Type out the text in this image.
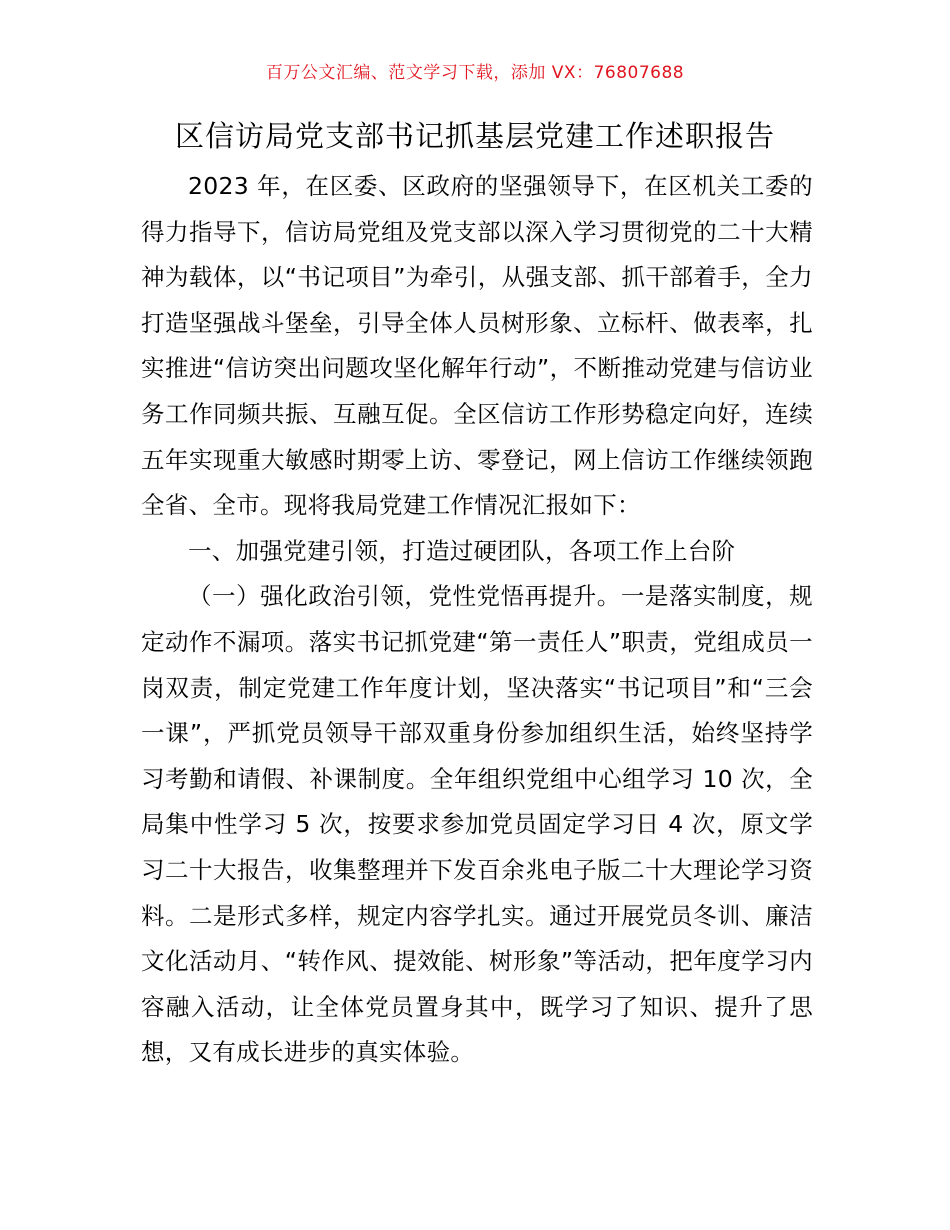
百万公文汇编、范文学习下载，添加 VX：76807688
区信访局党支部书记抓基层党建工作述职报告

2023 年，在区委、区政府的坚强领导下，在区机关工委的得力指导下，信访局党组及党支部以深入学习贯彻党的二十大精神为载体，以“书记项目”为牵引，从强支部、抓干部着手，全力打造坚强战斗堡垒，引导全体人员树形象、立标杆、做表率，扎实推进“信访突出问题攻坚化解年行动”，不断推动党建与信访业务工作同频共振、互融互促。全区信访工作形势稳定向好，连续五年实现重大敏感时期零上访、零登记，网上信访工作继续领跑全省、全市。现将我局党建工作情况汇报如下：

一、加强党建引领，打造过硬团队，各项工作上台阶

（一）强化政治引领，党性党悟再提升。一是落实制度，规定动作不漏项。落实书记抓党建“第一责任人”职责，党组成员一岗双责，制定党建工作年度计划，坚决落实“书记项目”和“三会一课”，严抓党员领导干部双重身份参加组织生活，始终坚持学习考勤和请假、补课制度。全年组织党组中心组学习 10 次，全局集中性学习 5 次，按要求参加党员固定学习日 4 次，原文学习二十大报告，收集整理并下发百余兆电子版二十大理论学习资料。二是形式多样，规定内容学扎实。通过开展党员冬训、廉洁文化活动月、“转作风、提效能、树形象”等活动，把年度学习内容融入活动，让全体党员置身其中，既学习了知识、提升了思想，又有成长进步的真实体验。
